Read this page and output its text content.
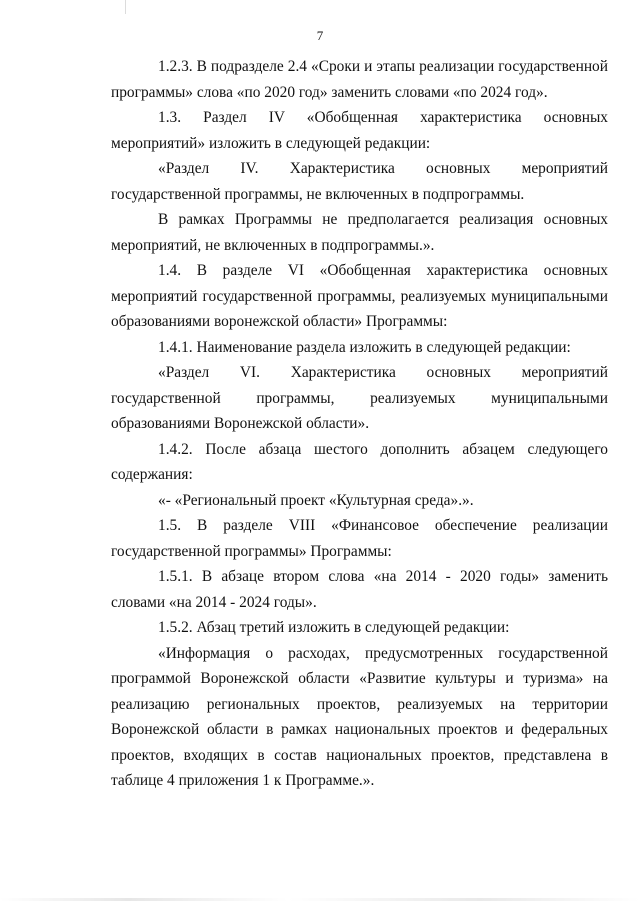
7

1.2.3. В подразделе 2.4 «Сроки и этапы реализации государственной программы» слова «по 2020 год» заменить словами «по 2024 год».

1.3. Раздел IV «Обобщенная характеристика основных мероприятий» изложить в следующей редакции:

«Раздел IV. Характеристика основных мероприятий государственной программы, не включенных в подпрограммы.

В рамках Программы не предполагается реализация основных мероприятий, не включенных в подпрограммы.».

1.4. В разделе VI «Обобщенная характеристика основных мероприятий государственной программы, реализуемых муниципальными образованиями воронежской области» Программы:

1.4.1. Наименование раздела изложить в следующей редакции:

«Раздел VI. Характеристика основных мероприятий государственной программы, реализуемых муниципальными образованиями Воронежской области».

1.4.2. После абзаца шестого дополнить абзацем следующего содержания:

«- «Региональный проект «Культурная среда».».

1.5. В разделе VIII «Финансовое обеспечение реализации государственной программы» Программы:

1.5.1. В абзаце втором слова «на 2014 - 2020 годы» заменить словами «на 2014 - 2024 годы».

1.5.2. Абзац третий изложить в следующей редакции:

«Информация о расходах, предусмотренных государственной программой Воронежской области «Развитие культуры и туризма» на реализацию региональных проектов, реализуемых на территории Воронежской области в рамках национальных проектов и федеральных проектов, входящих в состав национальных проектов, представлена в таблице 4 приложения 1 к Программе.».
